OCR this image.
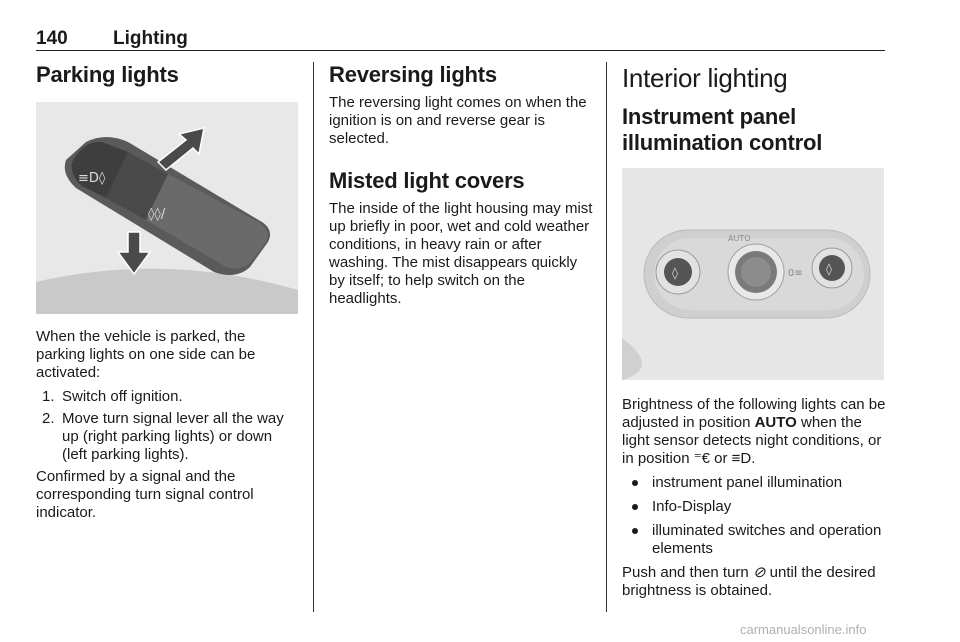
140 Lighting
Parking lights
≡D◊
◊◊/

When the vehicle is parked, the parking lights on one side can be activated:

1. Switch off ignition.
2. Move turn signal lever all the way up (right parking lights) or down (left parking lights).

Confirmed by a signal and the corresponding turn signal control indicator.

Reversing lights

The reversing light comes on when the ignition is on and reverse gear is selected.

Misted light covers

The inside of the light housing may mist up briefly in poor, wet and cold weather conditions, in heavy rain or after washing. The mist disappears quickly by itself; to help switch on the headlights.

Interior lighting
Instrument panel illumination control
◊
AUTO
0≡ ◊

Brightness of the following lights can be adjusted in position AUTO when the light sensor detects night conditions, or in position ⁼€ or ≡D.

instrument panel illumination
Info-Display
illuminated switches and operation elements

Push and then turn ⊘ until the desired brightness is obtained.

carmanualsonline.info
